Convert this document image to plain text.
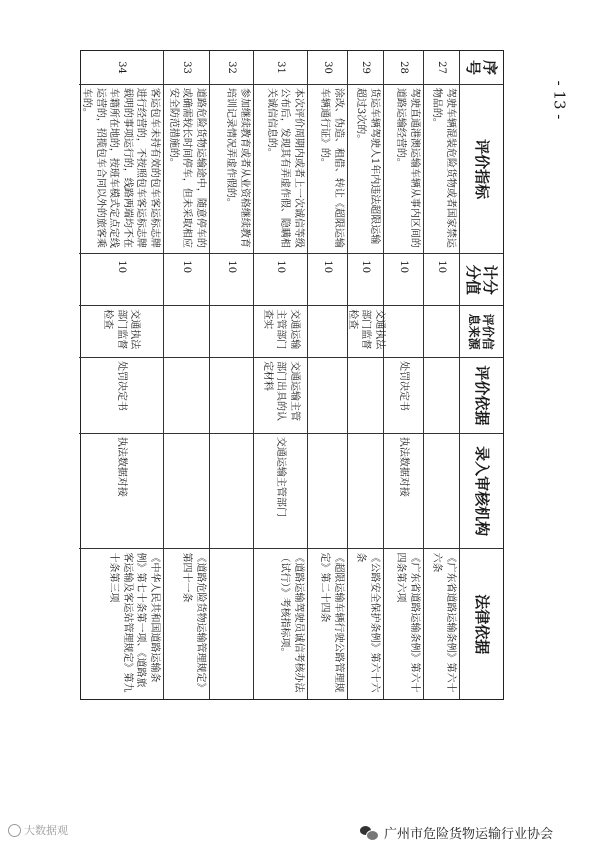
- 13 -
序号
评价指标
计分分值
评价信息来源
评价依据
录入审核机构
法律依据
27
驾驶车辆混装危险货物或者国家禁运物品的。
10
《广东省道路运输条例》第六十六条
28
驾驶直通港澳运输车辆从事内区间的道路运输经营的。
10
处罚决定书
执法数据对接
《广东省道路运输条例》第六十四条第六项
29
货运车辆驾驶人1年内违法超限运输超过3次的。
10
交通执法部门监督检查
《公路安全保护条例》第六十六条
30
涂改、伪造、租借、转让《超限运输车辆通行证》的。
10
《超限运输车辆行驶公路管理规定》第二十四条
31
本次评价周期内或者上一次诚信等级公布后，发现其有弄虚作假、隐瞒相关诚信信息的。
10
交通运输主管部门查实
交通运输主管部门出具的认定材料
交通运输主管部门
《道路运输驾驶员诚信考核办法（试行）》考核指标项。
32
参加继续教育或者从业资格继续教育培训记录情况弄虚作假的。
10
33
道路危险货物运输途中，随意停车的或确需较长时间停车，但未采取相应安全防范措施的。
10
《道路危险货物运输管理规定》第四十一条
34
客运包车未持有效的包车客运标志牌进行经营的，不按照包车客运标志牌载明的事项运行的，线路两端均不在车籍所在地的，按班车模式定点定线运营的，招揽包车合同以外的旅客乘车的。
10
交通执法部门监督检查
处罚决定书
执法数据对接
《中华人民共和国道路运输条例》第七十条第一项、《道路旅客运输及客运站管理规定》第九十条第三项
大数据观	广州市危险货物运输行业协会
